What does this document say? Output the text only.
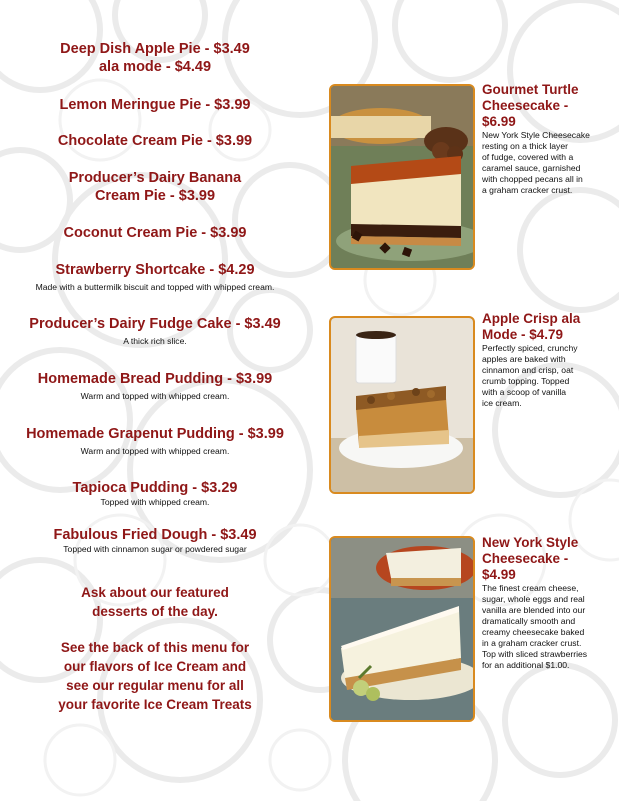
Deep Dish Apple Pie - $3.49
ala mode - $4.49
Lemon Meringue Pie - $3.99
Chocolate Cream Pie - $3.99
Producer’s Dairy Banana
Cream Pie - $3.99
Coconut Cream Pie - $3.99
Strawberry Shortcake - $4.29
Made with a buttermilk biscuit and topped with whipped cream.
Producer’s Dairy Fudge Cake - $3.49
A thick rich slice.
Homemade Bread Pudding - $3.99
Warm and topped with whipped cream.
Homemade Grapenut Pudding - $3.99
Warm and topped with whipped cream.
Tapioca Pudding - $3.29
Topped with whipped cream.
Fabulous Fried Dough - $3.49
Topped with cinnamon sugar or powdered sugar
Ask about our featured
desserts of the day.
See the back of this menu for
our flavors of Ice Cream and
see our regular menu for all
your favorite Ice Cream Treats
Gourmet Turtle
Cheesecake -
$6.99
New York Style Cheesecake
resting on a thick layer
of fudge, covered with a
caramel sauce, garnished
with chopped pecans all in
a graham cracker crust.
Apple Crisp ala
Mode - $4.79
Perfectly spiced, crunchy
apples are baked with
cinnamon and crisp, oat
crumb topping. Topped
with a scoop of vanilla
ice cream.
New York Style
Cheesecake -
$4.99
The finest cream cheese,
sugar, whole eggs and real
vanilla are blended into our
dramatically smooth and
creamy cheesecake baked
in a graham cracker crust.
Top with sliced strawberries
for an additional $1.00.
